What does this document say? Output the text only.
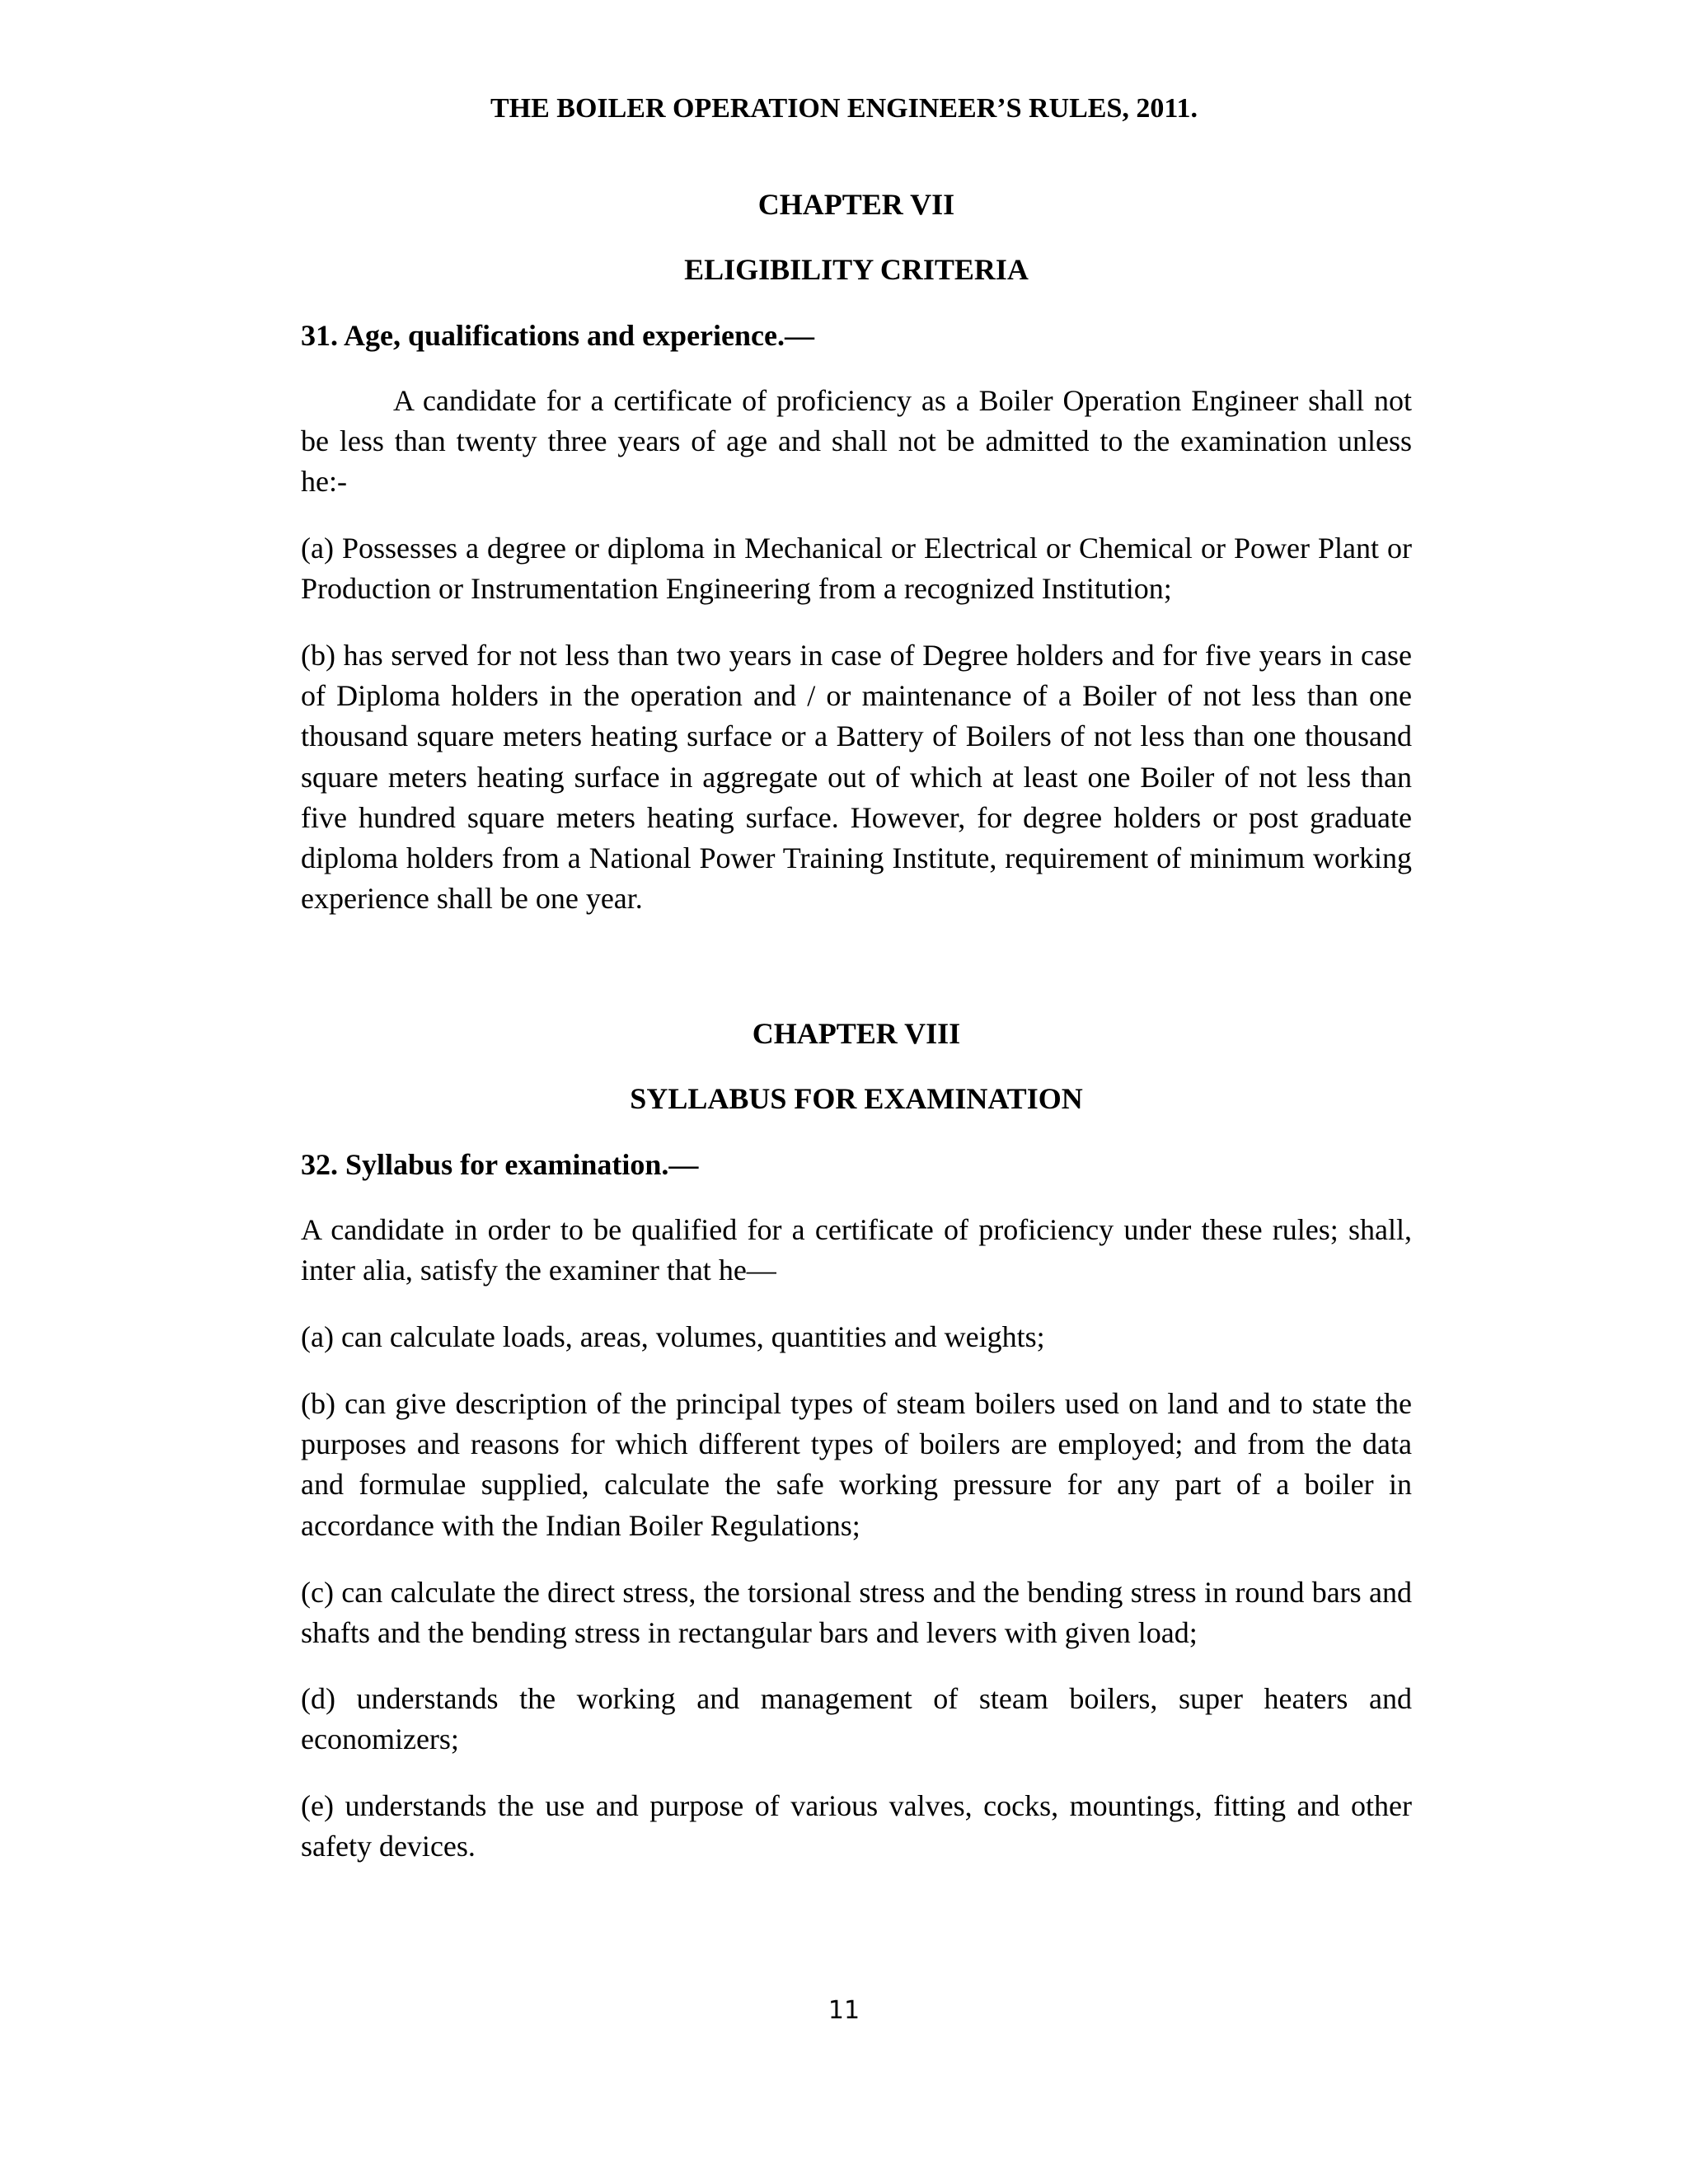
THE BOILER OPERATION ENGINEER’S RULES, 2011.
CHAPTER VII
ELIGIBILITY CRITERIA
31. Age, qualifications and experience.—
A candidate for a certificate of proficiency as a Boiler Operation Engineer shall not be less than twenty three years of age and shall not be admitted to the examination unless he:-
(a) Possesses a degree or diploma in Mechanical or Electrical or Chemical or Power Plant or Production or Instrumentation Engineering from a recognized Institution;
(b) has served for not less than two years in case of Degree holders and for five years in case of Diploma holders in the operation and / or maintenance of a Boiler of not less than one thousand square meters heating surface or a Battery of Boilers of not less than one thousand square meters heating surface in aggregate out of which at least one Boiler of not less than five hundred square meters heating surface. However, for degree holders or post graduate diploma holders from a National Power Training Institute, requirement of minimum working experience shall be one year.
CHAPTER VIII
SYLLABUS FOR EXAMINATION
32. Syllabus for examination.—
A candidate in order to be qualified for a certificate of proficiency under these rules; shall, inter alia, satisfy the examiner that he—
(a) can calculate loads, areas, volumes, quantities and weights;
(b) can give description of the principal types of steam boilers used on land and to state the purposes and reasons for which different types of boilers are employed; and from the data and formulae supplied, calculate the safe working pressure for any part of a boiler in accordance with the Indian Boiler Regulations;
(c) can calculate the direct stress, the torsional stress and the bending stress in round bars and shafts and the bending stress in rectangular bars and levers with given load;
(d) understands the working and management of steam boilers, super heaters and economizers;
(e) understands the use and purpose of various valves, cocks, mountings, fitting and other safety devices.
11
